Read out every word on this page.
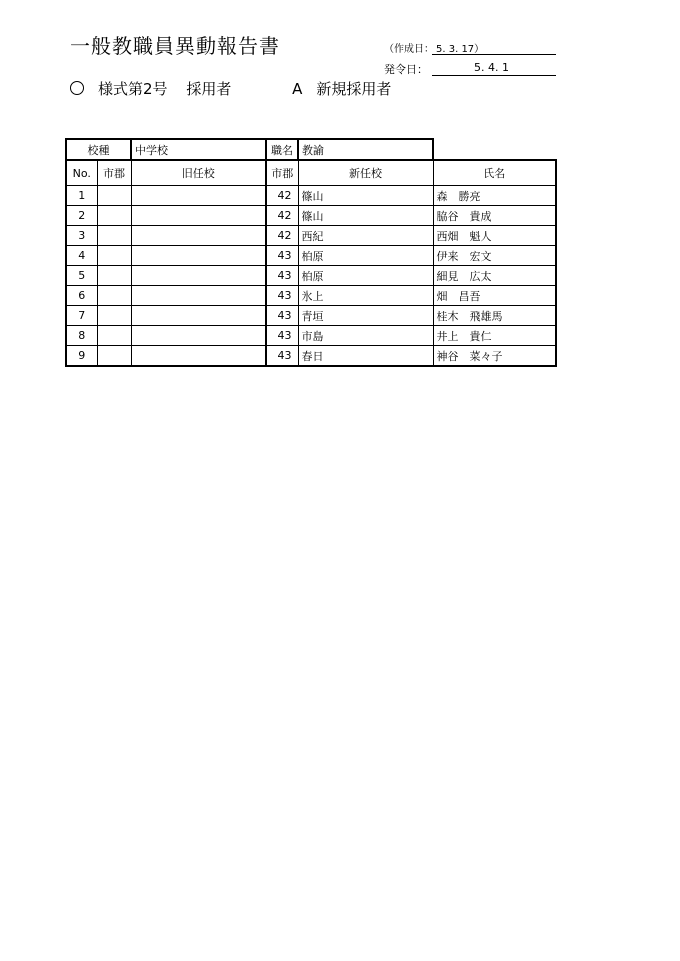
一般教職員異動報告書	（作成日： 5. 3. 17）
発令日：	5. 4. 1
様式第2号 採用者	A 新規採用者
校種		中学校	職名	教諭	
No.	市郡	旧任校	市郡	新任校	氏名
1			42	篠山	森　勝亮
2			42	篠山	脇谷　貴成
3			42	西紀	西畑　魁人
4			43	柏原	伊来　宏文
5			43	柏原	細見　広太
6			43	氷上	畑　昌吾
7			43	青垣	桂木　飛雄馬
8			43	市島	井上　貴仁
9			43	春日	神谷　菜々子
